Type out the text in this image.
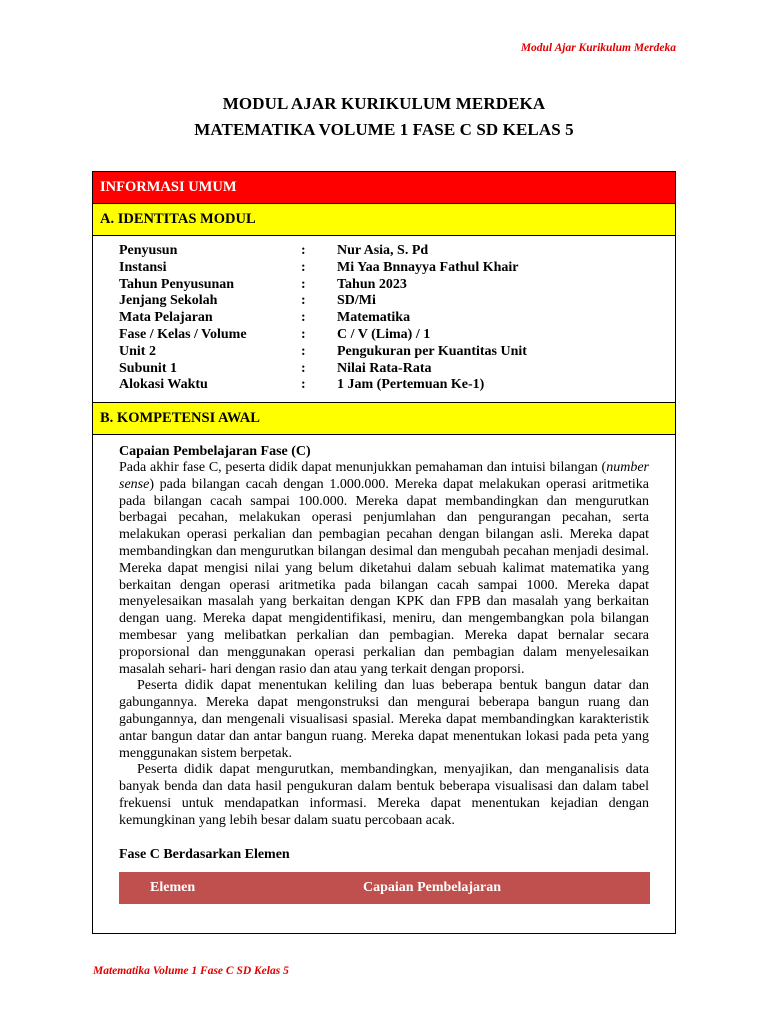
Modul Ajar Kurikulum Merdeka
MODUL AJAR KURIKULUM MERDEKA
MATEMATIKA VOLUME 1 FASE C SD KELAS 5
INFORMASI UMUM
A. IDENTITAS MODUL
Penyusun	:	Nur Asia, S. Pd
Instansi	:	Mi Yaa Bnnayya Fathul Khair
Tahun Penyusunan	:	Tahun 2023
Jenjang Sekolah	:	SD/Mi
Mata Pelajaran	:	Matematika
Fase / Kelas / Volume	:	C / V (Lima) / 1
Unit 2	:	Pengukuran per Kuantitas Unit
Subunit 1	:	Nilai Rata-Rata
Alokasi Waktu	:	1 Jam (Pertemuan Ke-1)
B. KOMPETENSI AWAL
Capaian Pembelajaran Fase (C)

Pada akhir fase C, peserta didik dapat menunjukkan pemahaman dan intuisi bilangan (number sense) pada bilangan cacah dengan 1.000.000. Mereka dapat melakukan operasi aritmetika pada bilangan cacah sampai 100.000. Mereka dapat membandingkan dan mengurutkan berbagai pecahan, melakukan operasi penjumlahan dan pengurangan pecahan, serta melakukan operasi perkalian dan pembagian pecahan dengan bilangan asli. Mereka dapat membandingkan dan mengurutkan bilangan desimal dan mengubah pecahan menjadi desimal. Mereka dapat mengisi nilai yang belum diketahui dalam sebuah kalimat matematika yang berkaitan dengan operasi aritmetika pada bilangan cacah sampai 1000. Mereka dapat menyelesaikan masalah yang berkaitan dengan KPK dan FPB dan masalah yang berkaitan dengan uang. Mereka dapat mengidentifikasi, meniru, dan mengembangkan pola bilangan membesar yang melibatkan perkalian dan pembagian. Mereka dapat bernalar secara proporsional dan menggunakan operasi perkalian dan pembagian dalam menyelesaikan masalah sehari- hari dengan rasio dan atau yang terkait dengan proporsi.

Peserta didik dapat menentukan keliling dan luas beberapa bentuk bangun datar dan gabungannya. Mereka dapat mengonstruksi dan mengurai beberapa bangun ruang dan gabungannya, dan mengenali visualisasi spasial. Mereka dapat membandingkan karakteristik antar bangun datar dan antar bangun ruang. Mereka dapat menentukan lokasi pada peta yang menggunakan sistem berpetak.

Peserta didik dapat mengurutkan, membandingkan, menyajikan, dan menganalisis data banyak benda dan data hasil pengukuran dalam bentuk beberapa visualisasi dan dalam tabel frekuensi untuk mendapatkan informasi. Mereka dapat menentukan kejadian dengan kemungkinan yang lebih besar dalam suatu percobaan acak.

Fase C Berdasarkan Elemen
Elemen	Capaian Pembelajaran
Matematika Volume 1 Fase C SD Kelas 5
